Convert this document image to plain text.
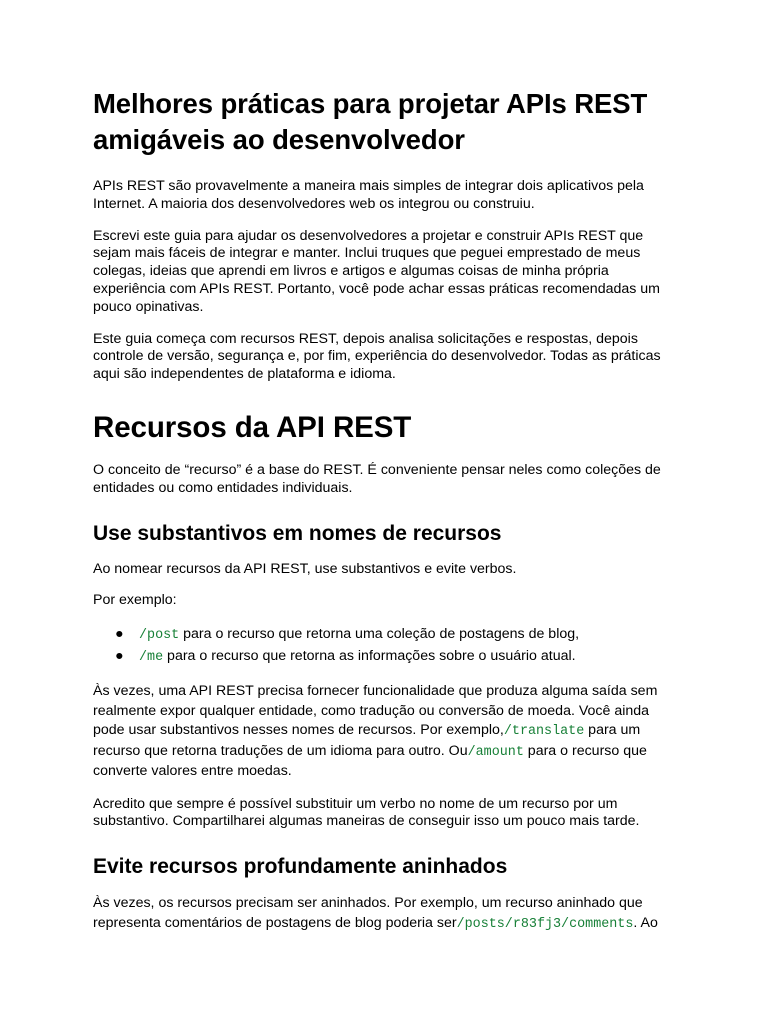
Melhores práticas para projetar APIs REST amigáveis ao desenvolvedor

APIs REST são provavelmente a maneira mais simples de integrar dois aplicativos pela Internet. A maioria dos desenvolvedores web os integrou ou construiu.

Escrevi este guia para ajudar os desenvolvedores a projetar e construir APIs REST que sejam mais fáceis de integrar e manter. Inclui truques que peguei emprestado de meus colegas, ideias que aprendi em livros e artigos e algumas coisas de minha própria experiência com APIs REST. Portanto, você pode achar essas práticas recomendadas um pouco opinativas.

Este guia começa com recursos REST, depois analisa solicitações e respostas, depois controle de versão, segurança e, por fim, experiência do desenvolvedor. Todas as práticas aqui são independentes de plataforma e idioma.

Recursos da API REST

O conceito de “recurso” é a base do REST. É conveniente pensar neles como coleções de entidades ou como entidades individuais.

Use substantivos em nomes de recursos

Ao nomear recursos da API REST, use substantivos e evite verbos.

Por exemplo:

● /post para o recurso que retorna uma coleção de postagens de blog,
● /me para o recurso que retorna as informações sobre o usuário atual.

Às vezes, uma API REST precisa fornecer funcionalidade que produza alguma saída sem realmente expor qualquer entidade, como tradução ou conversão de moeda. Você ainda pode usar substantivos nesses nomes de recursos. Por exemplo,/translate para um recurso que retorna traduções de um idioma para outro. Ou/amount para o recurso que converte valores entre moedas.

Acredito que sempre é possível substituir um verbo no nome de um recurso por um substantivo. Compartilharei algumas maneiras de conseguir isso um pouco mais tarde.

Evite recursos profundamente aninhados

Às vezes, os recursos precisam ser aninhados. Por exemplo, um recurso aninhado que representa comentários de postagens de blog poderia ser/posts/r83fj3/comments. Ao
